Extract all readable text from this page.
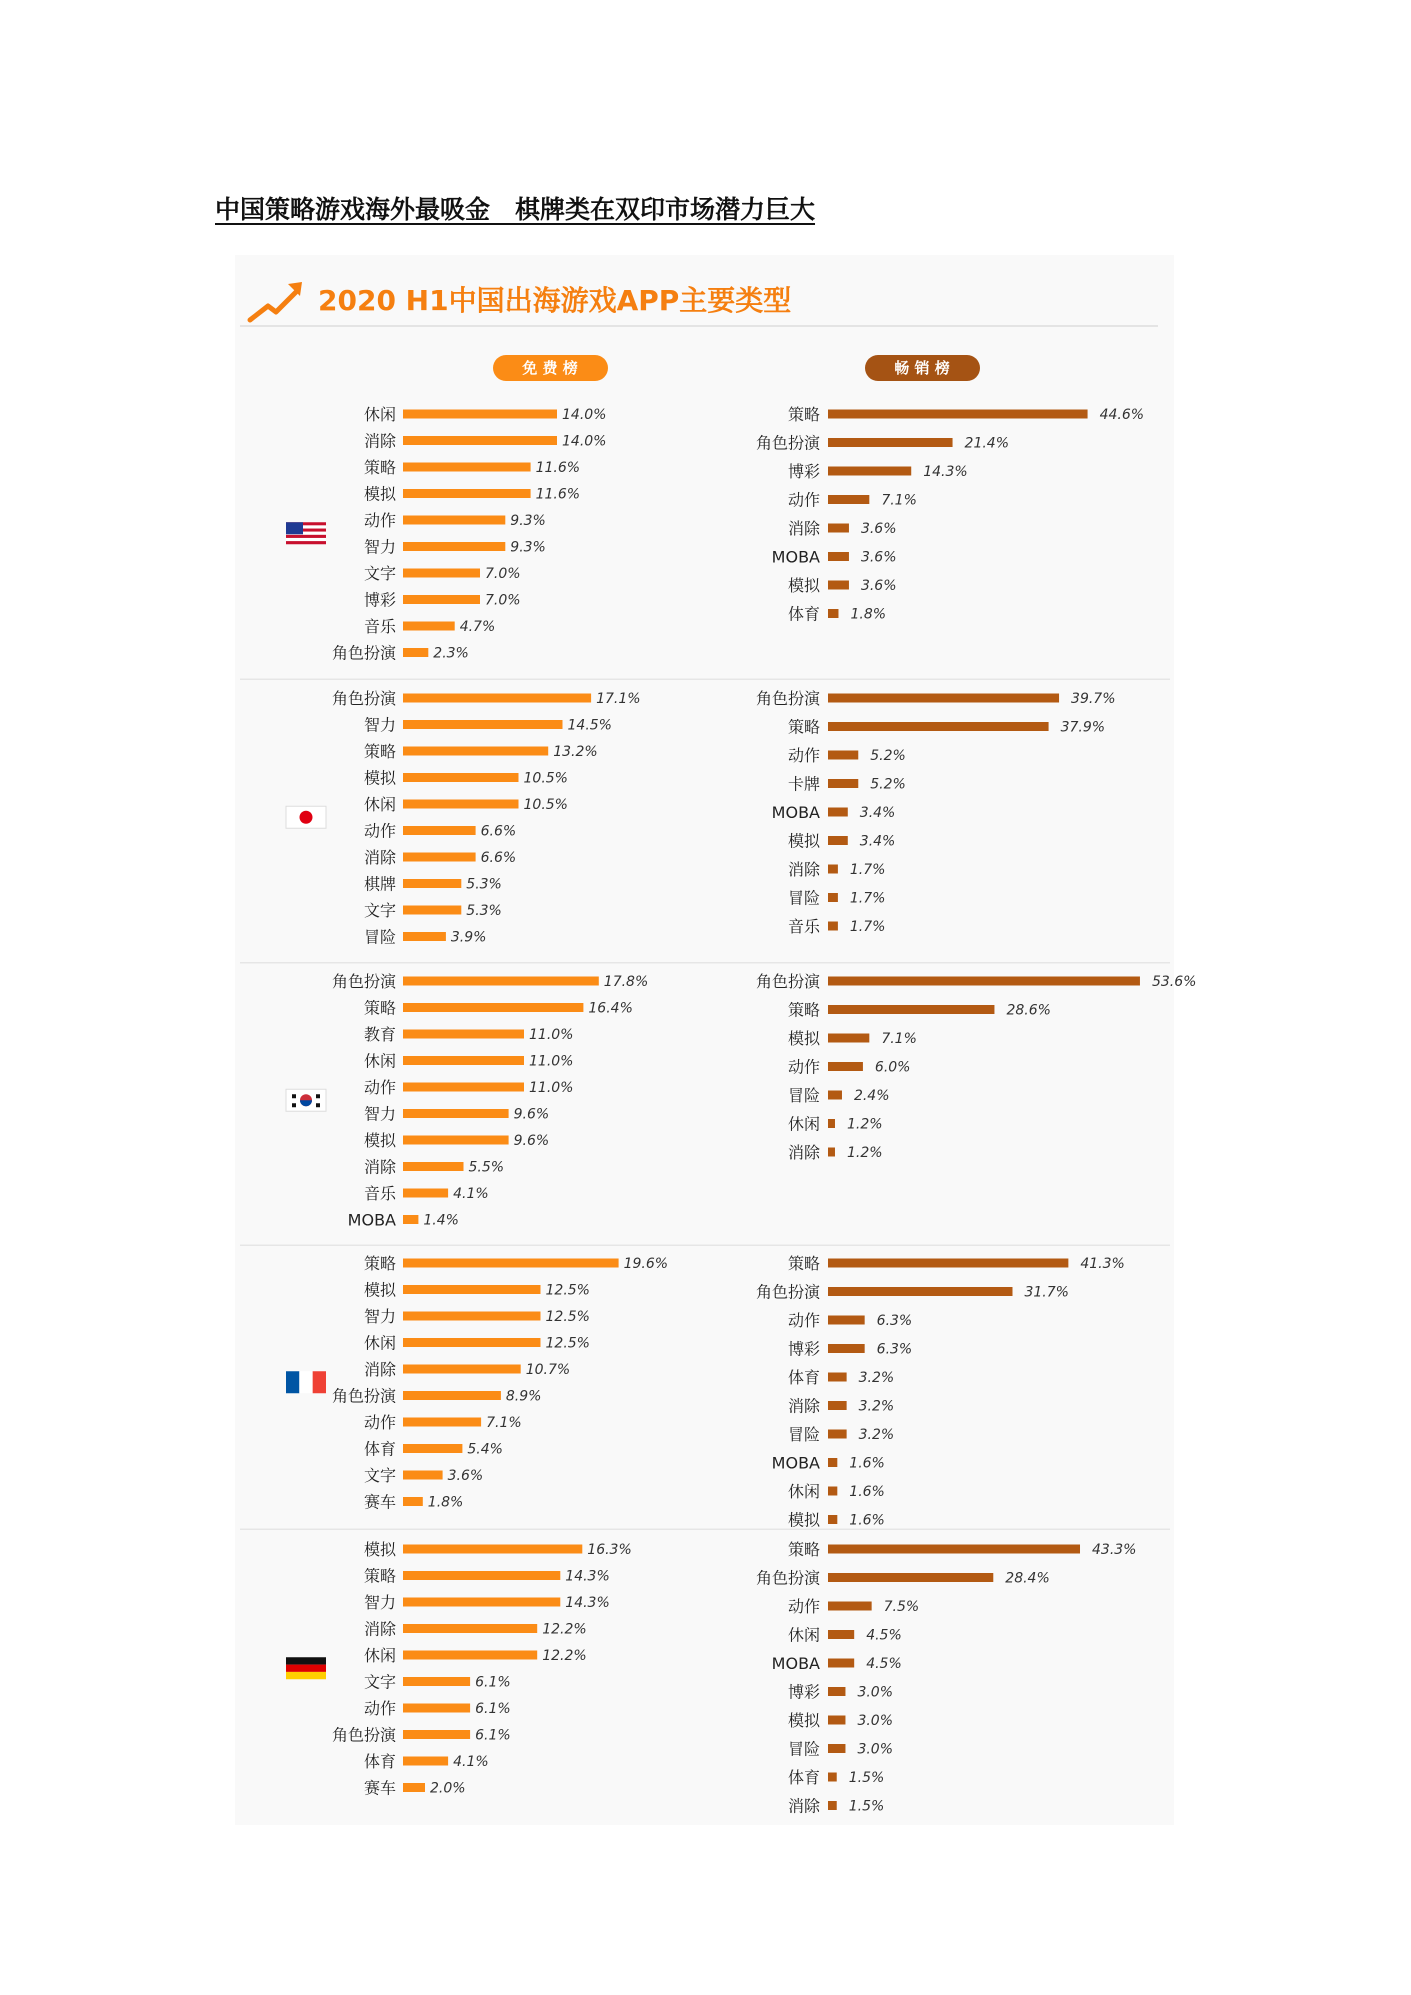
中国策略游戏海外最吸金　棋牌类在双印市场潜力巨大
2020 H1中国出海游戏APP主要类型
免 费 榜	畅 销 榜
休闲	14.0%
消除	14.0%
策略	11.6%
模拟	11.6%
动作	9.3%
智力	9.3%
文字	7.0%
博彩	7.0%
音乐	4.7%
角色扮演	2.3%
策略	44.6%
角色扮演	21.4%
博彩	14.3%
动作	7.1%
消除	3.6%
MOBA	3.6%
模拟	3.6%
体育 1.8%
角色扮演	17.1%
智力	14.5%
策略	13.2%
模拟	10.5%
休闲	10.5%
动作	6.6%
消除	6.6%
棋牌	5.3%
文字	5.3%
冒险	3.9%
角色扮演	39.7%
策略	37.9%
动作	5.2%
卡牌	5.2%
MOBA	3.4%
模拟	3.4%
消除 1.7%
冒险 1.7%
音乐 1.7%
角色扮演	17.8%
策略	16.4%
教育	11.0%
休闲	11.0%
动作	11.0%
智力	9.6%
模拟	9.6%
消除	5.5%
音乐	4.1%
MOBA 1.4%
角色扮演	53.6%
策略	28.6%
模拟	7.1%
动作	6.0%
冒险 2.4%
休闲 1.2%
消除 1.2%
策略	19.6%
模拟	12.5%
智力	12.5%
休闲	12.5%
消除	10.7%
角色扮演	8.9%
动作	7.1%
体育	5.4%
文字	3.6%
赛车 1.8%
策略	41.3%
角色扮演	31.7%
动作	6.3%
博彩	6.3%
体育	3.2%
消除	3.2%
冒险	3.2%
MOBA 1.6%
休闲 1.6%
模拟 1.6%
模拟	16.3%
策略	14.3%
智力	14.3%
消除	12.2%
休闲	12.2%
文字	6.1%
动作	6.1%
角色扮演	6.1%
体育	4.1%
赛车 2.0%
策略	43.3%
角色扮演	28.4%
动作	7.5%
休闲	4.5%
MOBA	4.5%
博彩	3.0%
模拟	3.0%
冒险	3.0%
体育 1.5%
消除 1.5%
